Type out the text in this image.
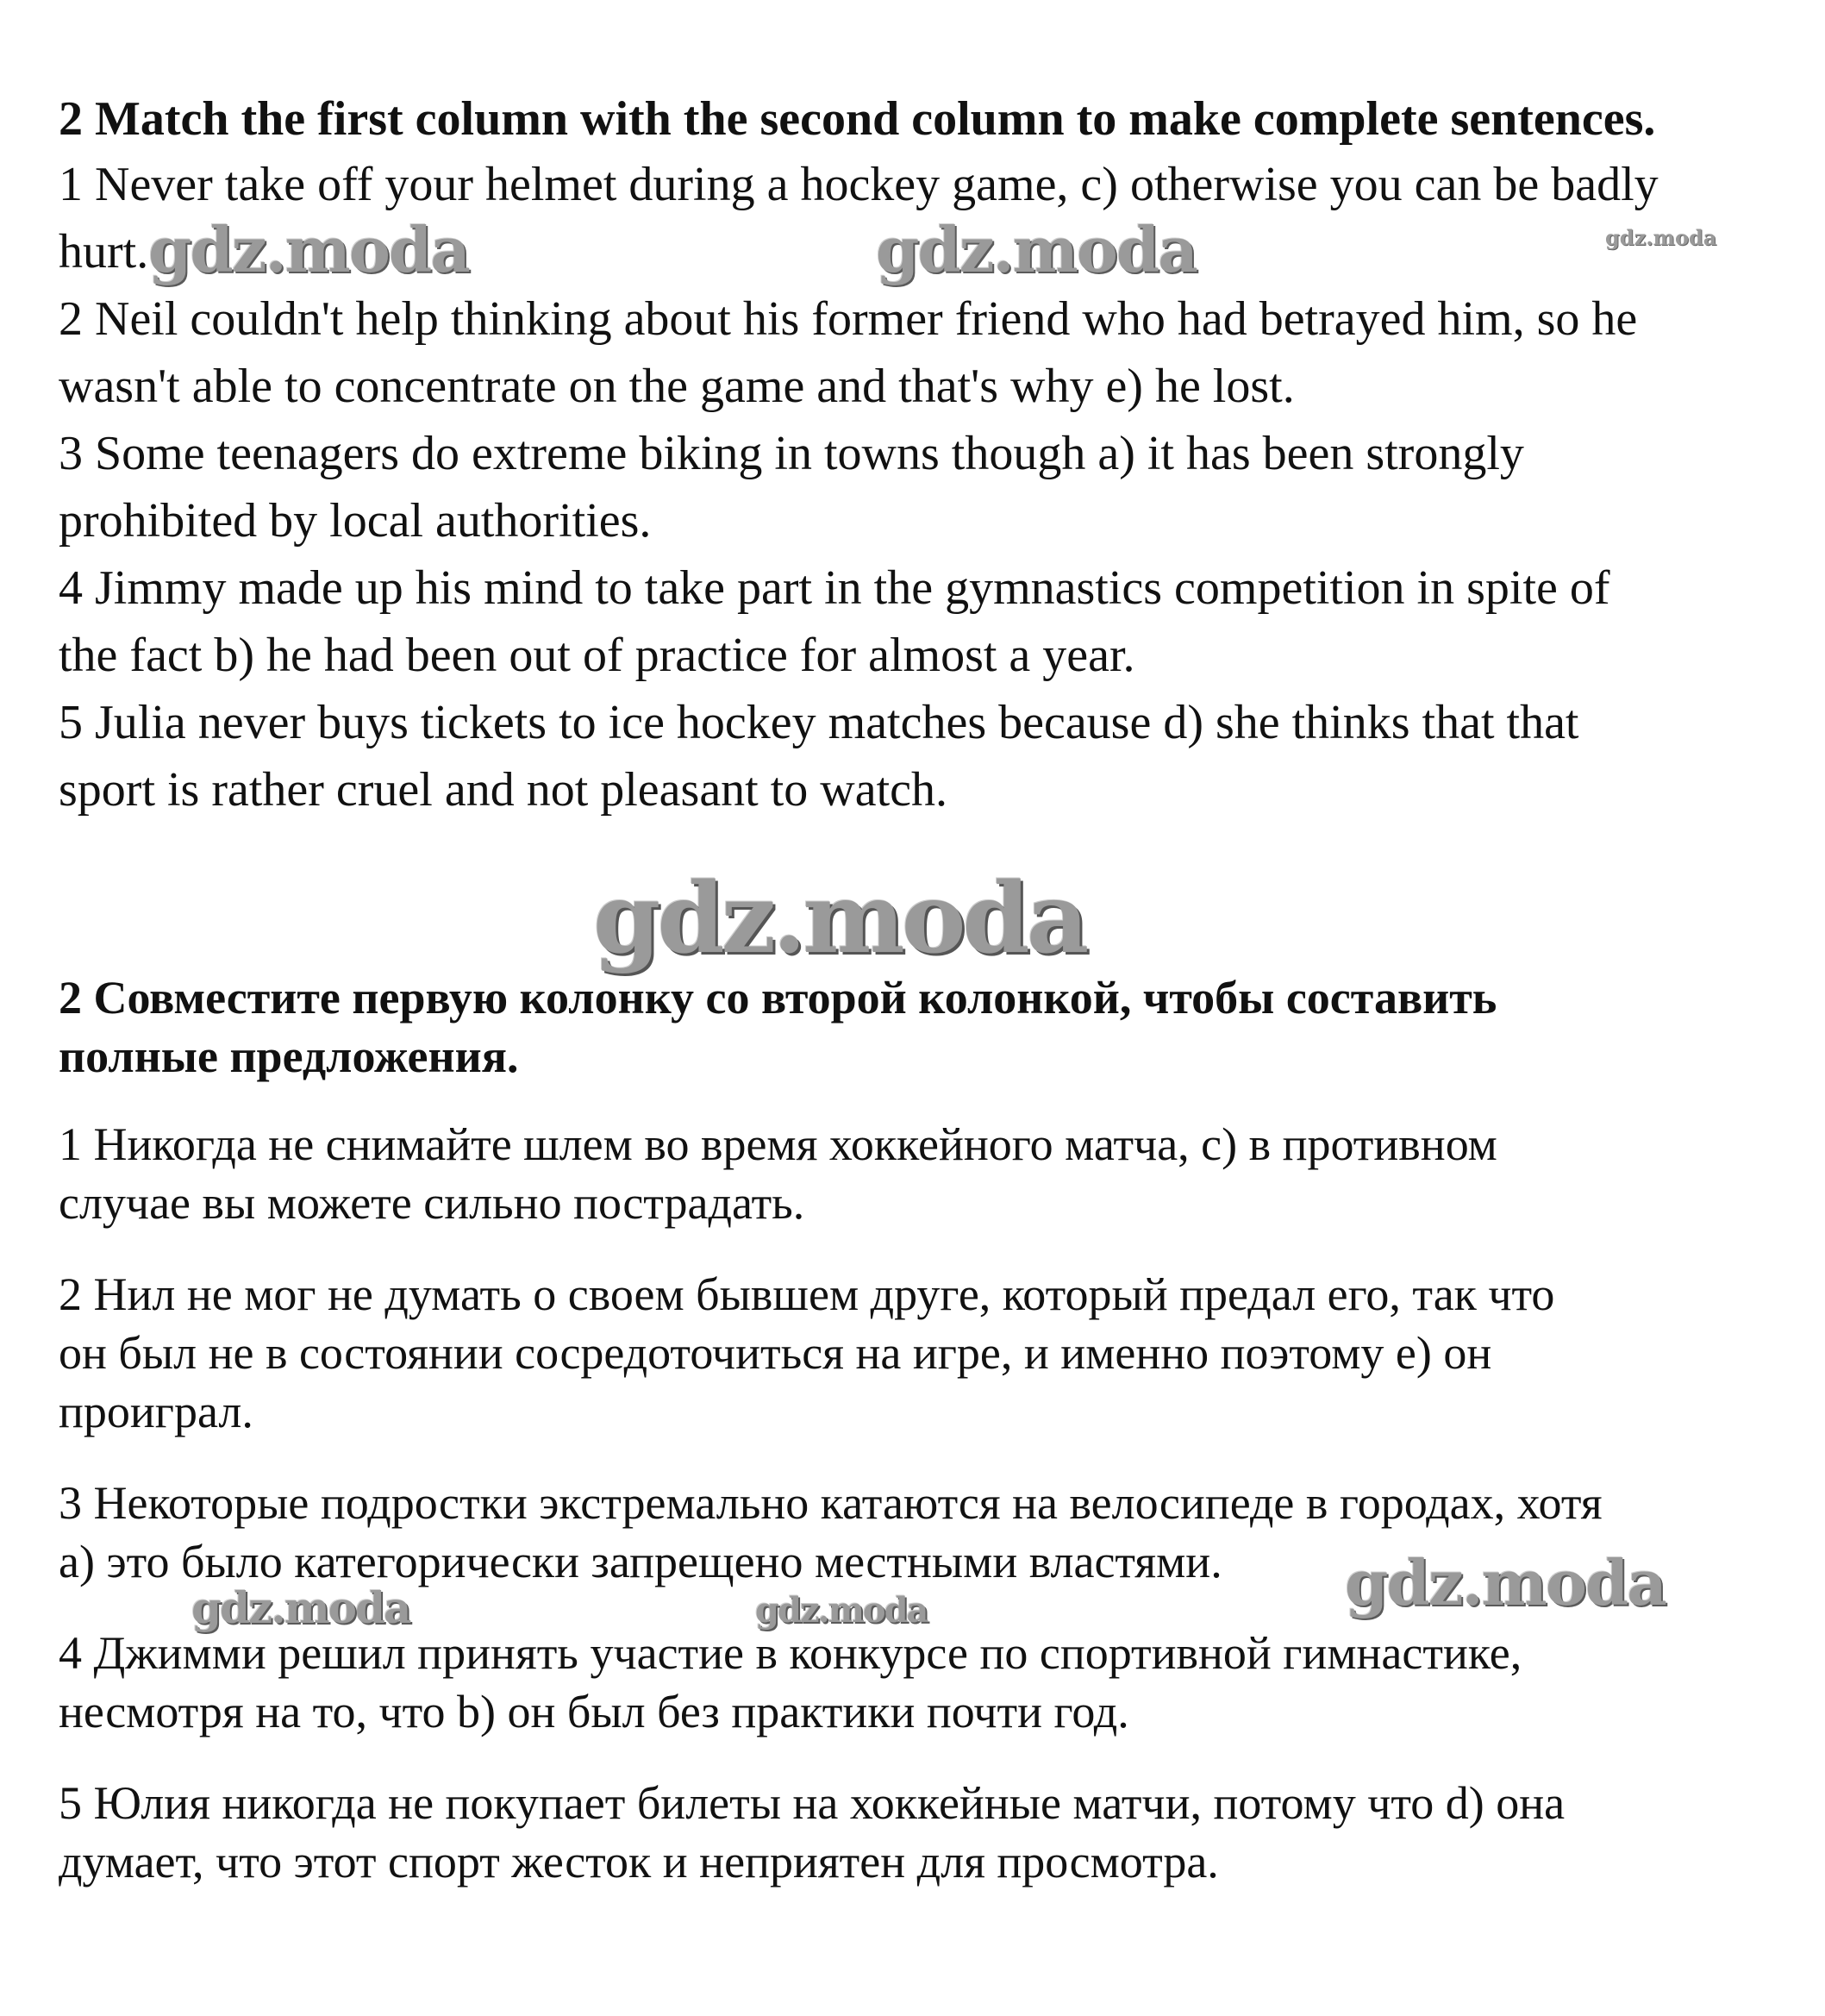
2 Match the first column with the second column to make complete sentences.
1 Never take off your helmet during a hockey game, c) otherwise you can be badly
hurt.
2 Neil couldn't help thinking about his former friend who had betrayed him, so he
wasn't able to concentrate on the game and that's why e) he lost.
3 Some teenagers do extreme biking in towns though a) it has been strongly
prohibited by local authorities.
4 Jimmy made up his mind to take part in the gymnastics competition in spite of
the fact b) he had been out of practice for almost a year.
5 Julia never buys tickets to ice hockey matches because d) she thinks that that
sport is rather cruel and not pleasant to watch.
2 Совместите первую колонку со второй колонкой, чтобы составить
полные предложения.
1 Никогда не снимайте шлем во время хоккейного матча, c) в противном
случае вы можете сильно пострадать.
2 Нил не мог не думать о своем бывшем друге, который предал его, так что
он был не в состоянии сосредоточиться на игре, и именно поэтому e) он
проиграл.
3 Некоторые подростки экстремально катаются на велосипеде в городах, хотя
a) это было категорически запрещено местными властями.
4 Джимми решил принять участие в конкурсе по спортивной гимнастике,
несмотря на то, что b) он был без практики почти год.
5 Юлия никогда не покупает билеты на хоккейные матчи, потому что d) она
думает, что этот спорт жесток и неприятен для просмотра.
gdz.moda	gdz.moda	gdz.moda
gdz.moda
gdz.moda
gdz.moda	gdz.moda
